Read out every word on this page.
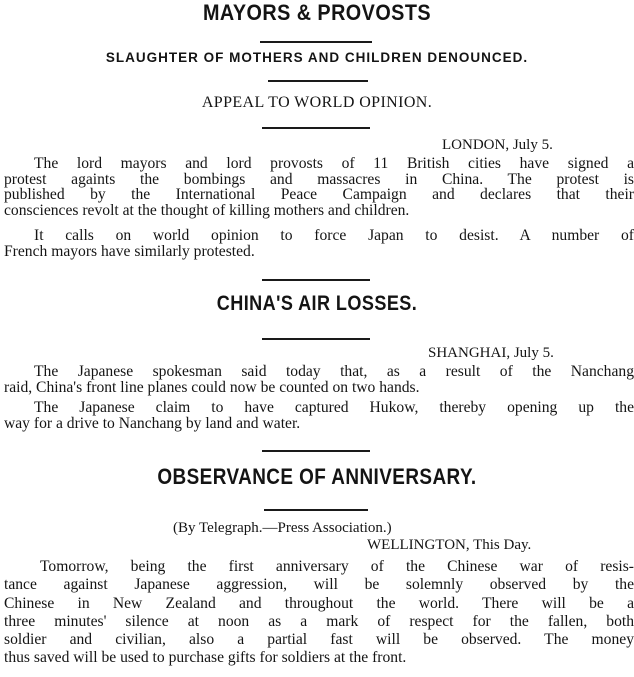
MAYORS & PROVOSTS
SLAUGHTER OF MOTHERS AND CHILDREN DENOUNCED.
APPEAL TO WORLD OPINION.
LONDON, July 5.
The lord mayors and lord provosts of 11 British cities have signed a
protest againts the bombings and massacres in China. The protest is
published by the International Peace Campaign and declares that their
consciences revolt at the thought of killing mothers and children.
It calls on world opinion to force Japan to desist. A number of
French mayors have similarly protested.
CHINA'S AIR LOSSES.
SHANGHAI, July 5.
The Japanese spokesman said today that, as a result of the Nanchang
raid, China's front line planes could now be counted on two hands.
The Japanese claim to have captured Hukow, thereby opening up the
way for a drive to Nanchang by land and water.
OBSERVANCE OF ANNIVERSARY.
(By Telegraph.—Press Association.)
WELLINGTON, This Day.
Tomorrow, being the first anniversary of the Chinese war of resis-
tance against Japanese aggression, will be solemnly observed by the
Chinese in New Zealand and throughout the world. There will be a
three minutes' silence at noon as a mark of respect for the fallen, both
soldier and civilian, also a partial fast will be observed. The money
thus saved will be used to purchase gifts for soldiers at the front.
